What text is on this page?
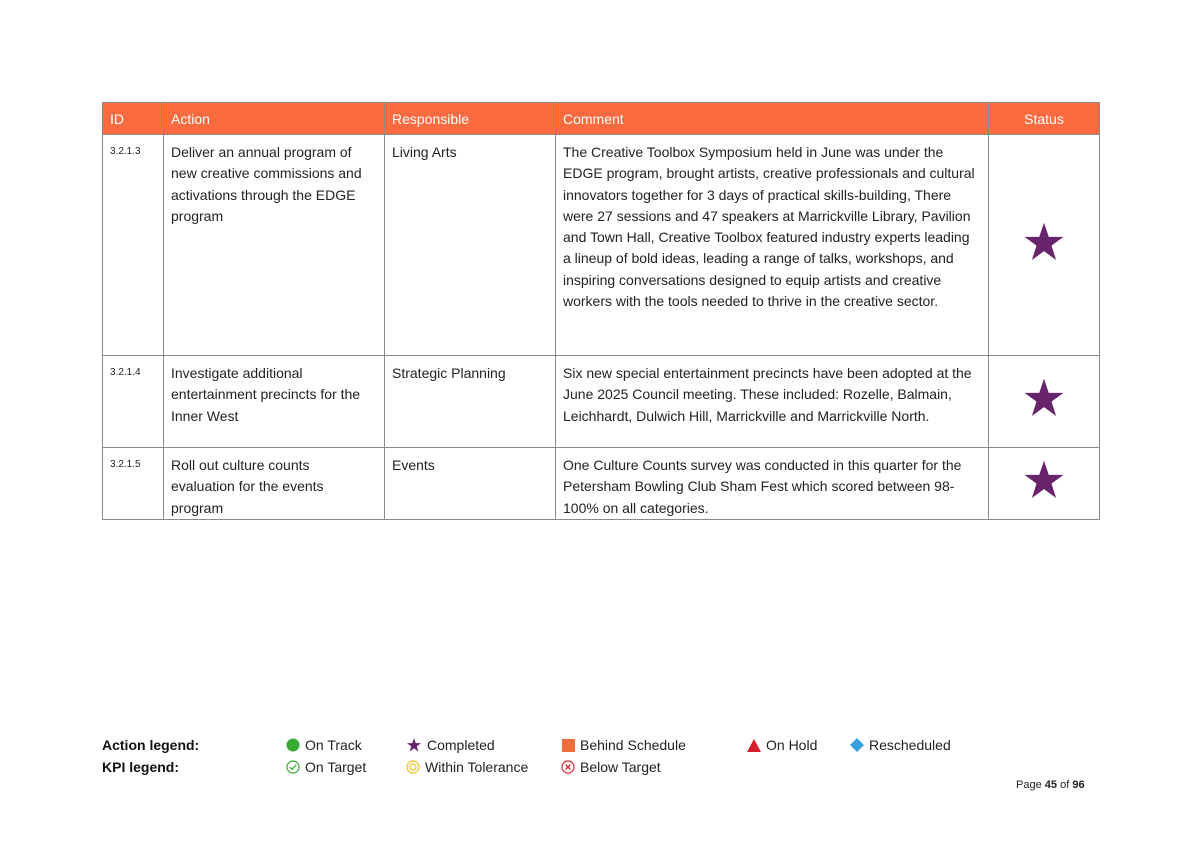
ID	Action	Responsible	Comment	Status
3.2.1.3	Deliver an annual program of new creative commissions and activations through the EDGE program	Living Arts	The Creative Toolbox Symposium held in June was under the EDGE program, brought artists, creative professionals and cultural innovators together for 3 days of practical skills-building, There were 27 sessions and 47 speakers at Marrickville Library, Pavilion and Town Hall, Creative Toolbox featured industry experts leading a lineup of bold ideas, leading a range of talks, workshops, and inspiring conversations designed to equip artists and creative workers with the tools needed to thrive in the creative sector.	
3.2.1.4	Investigate additional entertainment precincts for the Inner West	Strategic Planning	Six new special entertainment precincts have been adopted at the June 2025 Council meeting. These included: Rozelle, Balmain, Leichhardt, Dulwich Hill, Marrickville and Marrickville North.	
3.2.1.5	Roll out culture counts evaluation for the events program	Events	One Culture Counts survey was conducted in this quarter for the Petersham Bowling Club Sham Fest which scored between 98-100% on all categories.	
Action legend:
KPI legend:
On Track	Completed	Behind Schedule	On Hold	Rescheduled
On Target	Within Tolerance	Below Target
Page 45 of 96
